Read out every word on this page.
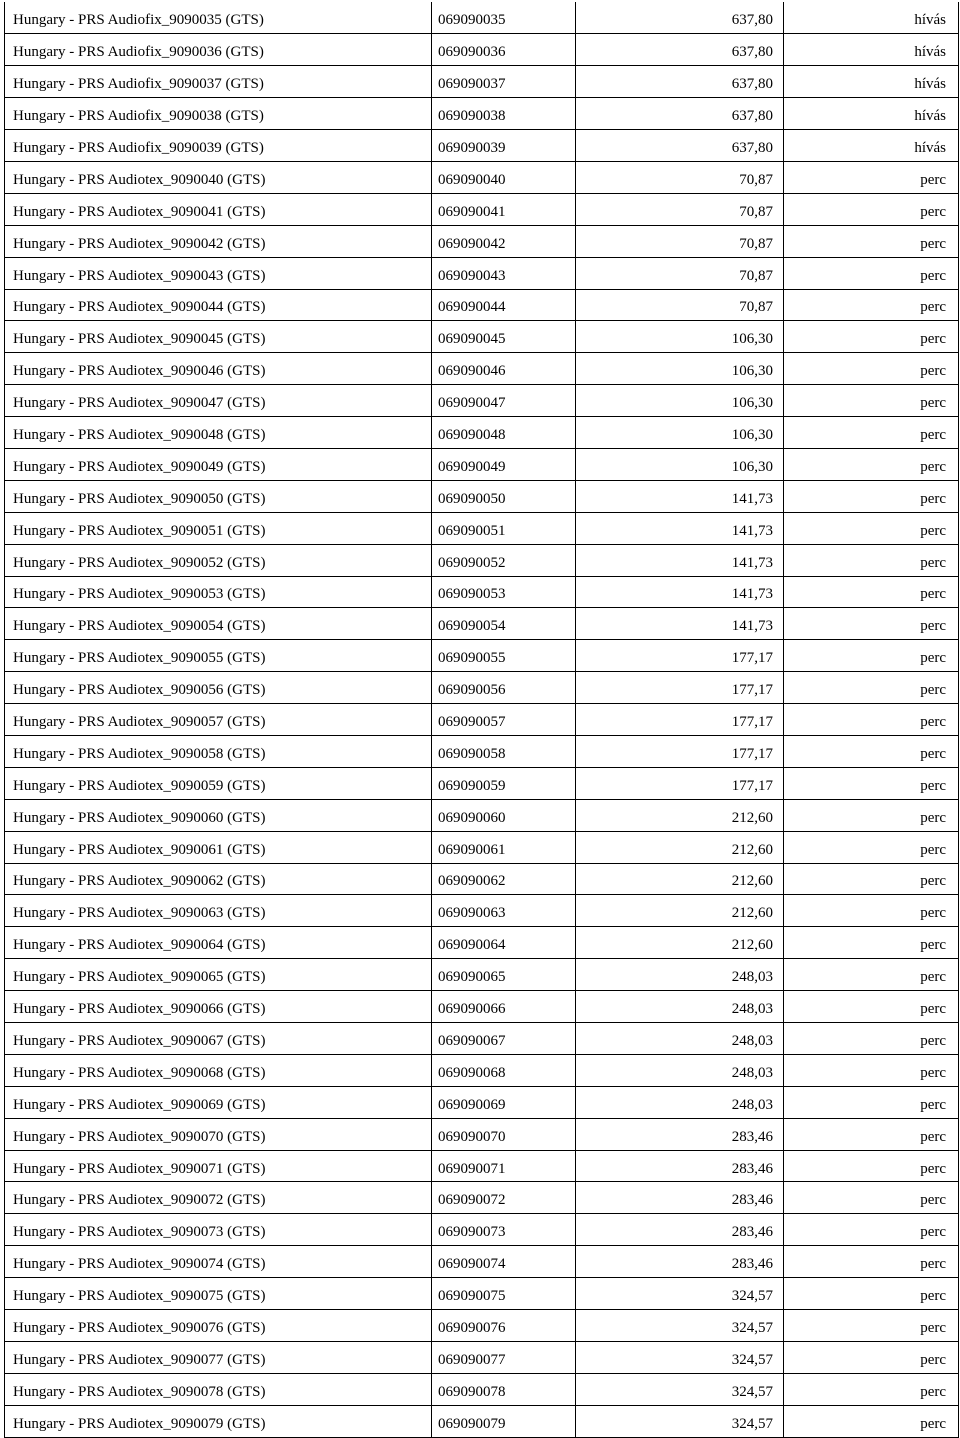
Hungary - PRS Audiofix_9090035 (GTS)	069090035	637,80	hívás
Hungary - PRS Audiofix_9090036 (GTS)	069090036	637,80	hívás
Hungary - PRS Audiofix_9090037 (GTS)	069090037	637,80	hívás
Hungary - PRS Audiofix_9090038 (GTS)	069090038	637,80	hívás
Hungary - PRS Audiofix_9090039 (GTS)	069090039	637,80	hívás
Hungary - PRS Audiotex_9090040 (GTS)	069090040	70,87	perc
Hungary - PRS Audiotex_9090041 (GTS)	069090041	70,87	perc
Hungary - PRS Audiotex_9090042 (GTS)	069090042	70,87	perc
Hungary - PRS Audiotex_9090043 (GTS)	069090043	70,87	perc
Hungary - PRS Audiotex_9090044 (GTS)	069090044	70,87	perc
Hungary - PRS Audiotex_9090045 (GTS)	069090045	106,30	perc
Hungary - PRS Audiotex_9090046 (GTS)	069090046	106,30	perc
Hungary - PRS Audiotex_9090047 (GTS)	069090047	106,30	perc
Hungary - PRS Audiotex_9090048 (GTS)	069090048	106,30	perc
Hungary - PRS Audiotex_9090049 (GTS)	069090049	106,30	perc
Hungary - PRS Audiotex_9090050 (GTS)	069090050	141,73	perc
Hungary - PRS Audiotex_9090051 (GTS)	069090051	141,73	perc
Hungary - PRS Audiotex_9090052 (GTS)	069090052	141,73	perc
Hungary - PRS Audiotex_9090053 (GTS)	069090053	141,73	perc
Hungary - PRS Audiotex_9090054 (GTS)	069090054	141,73	perc
Hungary - PRS Audiotex_9090055 (GTS)	069090055	177,17	perc
Hungary - PRS Audiotex_9090056 (GTS)	069090056	177,17	perc
Hungary - PRS Audiotex_9090057 (GTS)	069090057	177,17	perc
Hungary - PRS Audiotex_9090058 (GTS)	069090058	177,17	perc
Hungary - PRS Audiotex_9090059 (GTS)	069090059	177,17	perc
Hungary - PRS Audiotex_9090060 (GTS)	069090060	212,60	perc
Hungary - PRS Audiotex_9090061 (GTS)	069090061	212,60	perc
Hungary - PRS Audiotex_9090062 (GTS)	069090062	212,60	perc
Hungary - PRS Audiotex_9090063 (GTS)	069090063	212,60	perc
Hungary - PRS Audiotex_9090064 (GTS)	069090064	212,60	perc
Hungary - PRS Audiotex_9090065 (GTS)	069090065	248,03	perc
Hungary - PRS Audiotex_9090066 (GTS)	069090066	248,03	perc
Hungary - PRS Audiotex_9090067 (GTS)	069090067	248,03	perc
Hungary - PRS Audiotex_9090068 (GTS)	069090068	248,03	perc
Hungary - PRS Audiotex_9090069 (GTS)	069090069	248,03	perc
Hungary - PRS Audiotex_9090070 (GTS)	069090070	283,46	perc
Hungary - PRS Audiotex_9090071 (GTS)	069090071	283,46	perc
Hungary - PRS Audiotex_9090072 (GTS)	069090072	283,46	perc
Hungary - PRS Audiotex_9090073 (GTS)	069090073	283,46	perc
Hungary - PRS Audiotex_9090074 (GTS)	069090074	283,46	perc
Hungary - PRS Audiotex_9090075 (GTS)	069090075	324,57	perc
Hungary - PRS Audiotex_9090076 (GTS)	069090076	324,57	perc
Hungary - PRS Audiotex_9090077 (GTS)	069090077	324,57	perc
Hungary - PRS Audiotex_9090078 (GTS)	069090078	324,57	perc
Hungary - PRS Audiotex_9090079 (GTS)	069090079	324,57	perc
